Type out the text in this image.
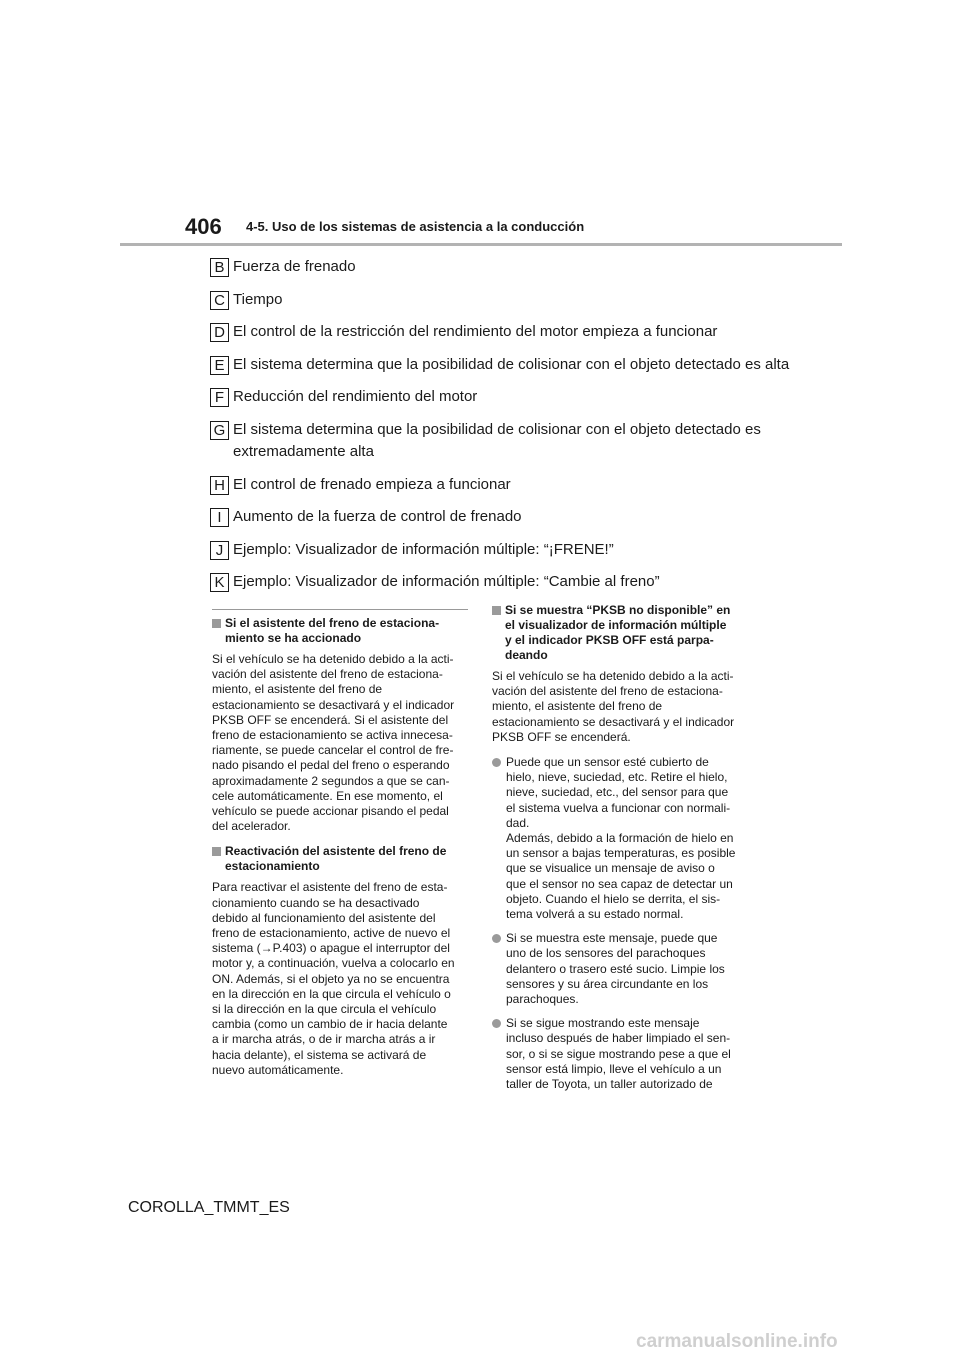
406 4-5. Uso de los sistemas de asistencia a la conducción
B Fuerza de frenado
C Tiempo
D El control de la restricción del rendimiento del motor empieza a funcionar
E El sistema determina que la posibilidad de colisionar con el objeto detectado es alta
F Reducción del rendimiento del motor
G El sistema determina que la posibilidad de colisionar con el objeto detectado es extremadamente alta
H El control de frenado empieza a funcionar
I Aumento de la fuerza de control de frenado
J Ejemplo: Visualizador de información múltiple: “¡FRENE!”
K Ejemplo: Visualizador de información múltiple: “Cambie al freno”
Si el asistente del freno de estaciona-
miento se ha accionado

Si el vehículo se ha detenido debido a la acti-
vación del asistente del freno de estaciona-
miento, el asistente del freno de
estacionamiento se desactivará y el indicador
PKSB OFF se encenderá. Si el asistente del
freno de estacionamiento se activa innecesa-
riamente, se puede cancelar el control de fre-
nado pisando el pedal del freno o esperando
aproximadamente 2 segundos a que se can-
cele automáticamente. En ese momento, el
vehículo se puede accionar pisando el pedal
del acelerador.

Reactivación del asistente del freno de
estacionamiento

Para reactivar el asistente del freno de esta-
cionamiento cuando se ha desactivado
debido al funcionamiento del asistente del
freno de estacionamiento, active de nuevo el
sistema (→P.403) o apague el interruptor del
motor y, a continuación, vuelva a colocarlo en
ON. Además, si el objeto ya no se encuentra
en la dirección en la que circula el vehículo o
si la dirección en la que circula el vehículo
cambia (como un cambio de ir hacia delante
a ir marcha atrás, o de ir marcha atrás a ir
hacia delante), el sistema se activará de
nuevo automáticamente.

Si se muestra “PKSB no disponible” en
el visualizador de información múltiple
y el indicador PKSB OFF está parpa-
deando

Si el vehículo se ha detenido debido a la acti-
vación del asistente del freno de estaciona-
miento, el asistente del freno de
estacionamiento se desactivará y el indicador
PKSB OFF se encenderá.

Puede que un sensor esté cubierto de
hielo, nieve, suciedad, etc. Retire el hielo,
nieve, suciedad, etc., del sensor para que
el sistema vuelva a funcionar con normali-
dad.
Además, debido a la formación de hielo en
un sensor a bajas temperaturas, es posible
que se visualice un mensaje de aviso o
que el sensor no sea capaz de detectar un
objeto. Cuando el hielo se derrita, el sis-
tema volverá a su estado normal.
Si se muestra este mensaje, puede que
uno de los sensores del parachoques
delantero o trasero esté sucio. Limpie los
sensores y su área circundante en los
parachoques.
Si se sigue mostrando este mensaje
incluso después de haber limpiado el sen-
sor, o si se sigue mostrando pese a que el
sensor está limpio, lleve el vehículo a un
taller de Toyota, un taller autorizado de
COROLLA_TMMT_ES
carmanualsonline.info
